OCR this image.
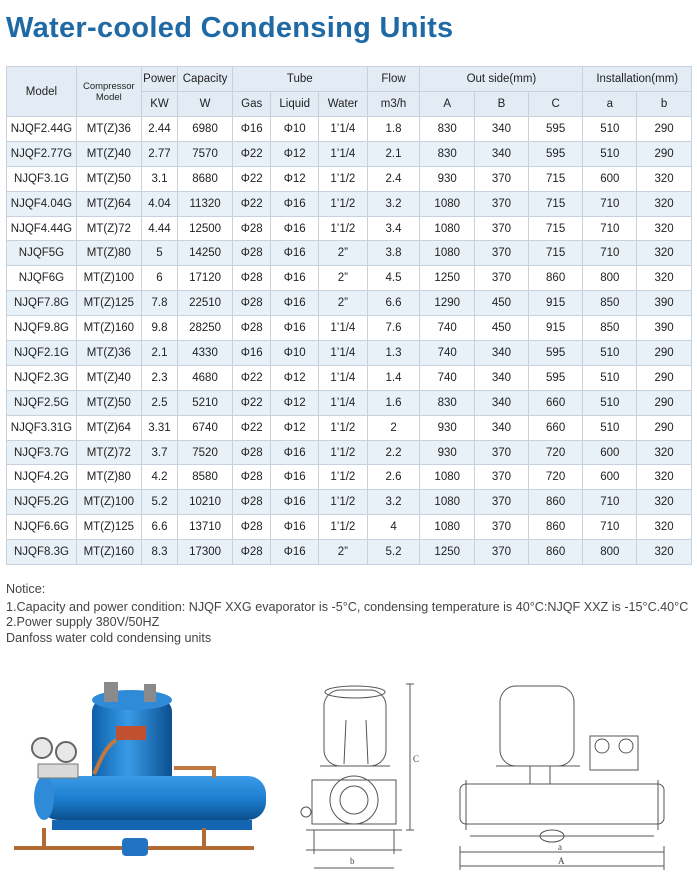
Water-cooled Condensing Units
Model	Compressor Model	Power	Capacity	Tube			Flow	Out side(mm)			Installation(mm)	
		KW	W	Gas	Liquid	Water	m3/h	A	B	C	a	b
NJQF2.44G	MT(Z)36	2.44	6980	Φ16	Φ10	1’1/4	1.8	830	340	595	510	290
NJQF2.77G	MT(Z)40	2.77	7570	Φ22	Φ12	1’1/4	2.1	830	340	595	510	290
NJQF3.1G	MT(Z)50	3.1	8680	Φ22	Φ12	1’1/2	2.4	930	370	715	600	320
NJQF4.04G	MT(Z)64	4.04	11320	Φ22	Φ16	1’1/2	3.2	1080	370	715	710	320
NJQF4.44G	MT(Z)72	4.44	12500	Φ28	Φ16	1’1/2	3.4	1080	370	715	710	320
NJQF5G	MT(Z)80	5	14250	Φ28	Φ16	2”	3.8	1080	370	715	710	320
NJQF6G	MT(Z)100	6	17120	Φ28	Φ16	2”	4.5	1250	370	860	800	320
NJQF7.8G	MT(Z)125	7.8	22510	Φ28	Φ16	2”	6.6	1290	450	915	850	390
NJQF9.8G	MT(Z)160	9.8	28250	Φ28	Φ16	1’1/4	7.6	740	450	915	850	390
NJQF2.1G	MT(Z)36	2.1	4330	Φ16	Φ10	1’1/4	1.3	740	340	595	510	290
NJQF2.3G	MT(Z)40	2.3	4680	Φ22	Φ12	1’1/4	1.4	740	340	595	510	290
NJQF2.5G	MT(Z)50	2.5	5210	Φ22	Φ12	1’1/4	1.6	830	340	660	510	290
NJQF3.31G	MT(Z)64	3.31	6740	Φ22	Φ12	1’1/2	2	930	340	660	510	290
NJQF3.7G	MT(Z)72	3.7	7520	Φ28	Φ16	1’1/2	2.2	930	370	720	600	320
NJQF4.2G	MT(Z)80	4.2	8580	Φ28	Φ16	1’1/2	2.6	1080	370	720	600	320
NJQF5.2G	MT(Z)100	5.2	10210	Φ28	Φ16	1’1/2	3.2	1080	370	860	710	320
NJQF6.6G	MT(Z)125	6.6	13710	Φ28	Φ16	1’1/2	4	1080	370	860	710	320
NJQF8.3G	MT(Z)160	8.3	17300	Φ28	Φ16	2”	5.2	1250	370	860	800	320
Notice:
1.Capacity and power condition: NJQF XXG evaporator is -5°C, condensing temperature is 40°C:NJQF XXZ is -15°C.40°C
2.Power supply 380V/50HZ
Danfoss water cold condensing units
C
b	A
a
